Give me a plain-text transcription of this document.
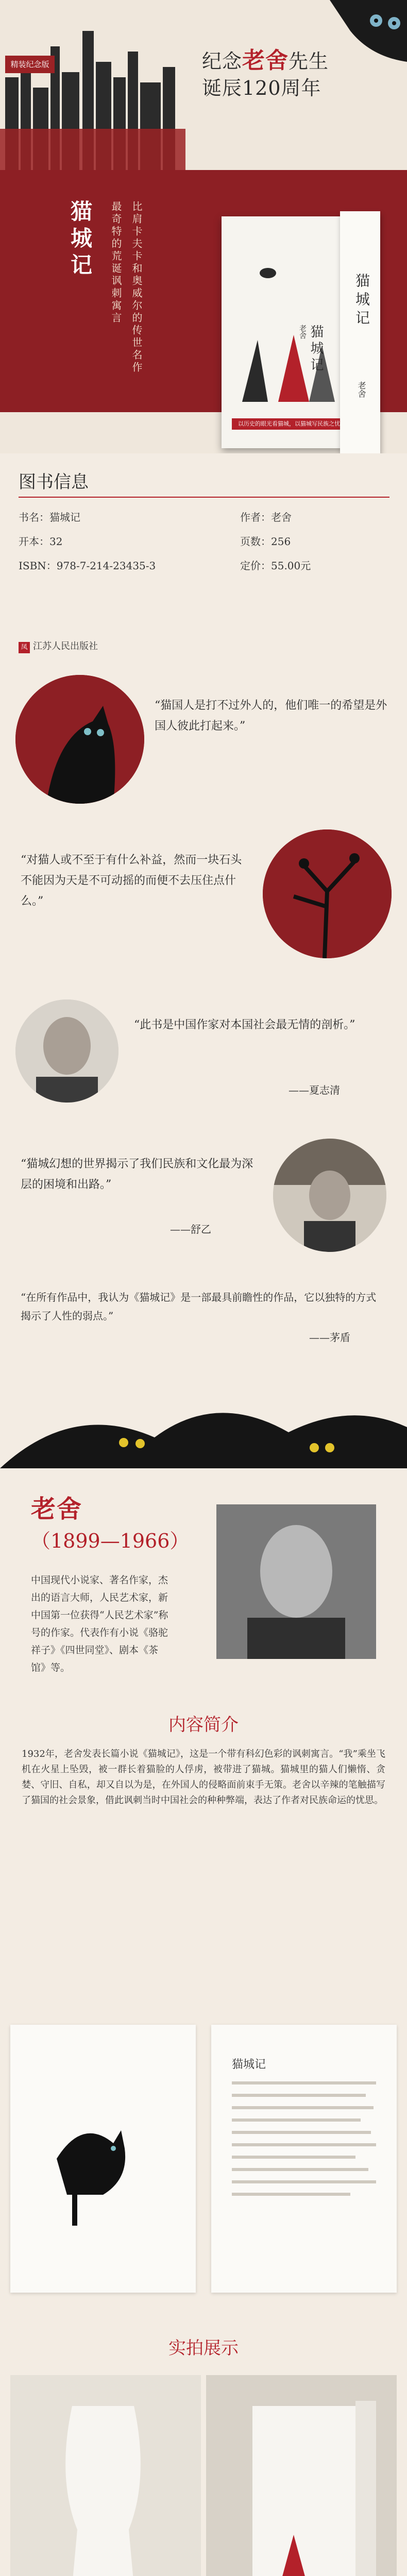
精装纪念版	纪念老舍先生
诞辰120周年
猫城记 最奇特的荒诞讽刺寓言 比肩卡夫卡和奥威尔的传世名作	猫城记
老舍
以历史的眼光看猫城，以猫城写民族之忧
猫城记
老舍
图书信息
书名：猫城记	作者：老舍
开本：32	页数：256
ISBN：978-7-214-23435-3	定价：55.00元
凤 江苏人民出版社
“猫国人是打不过外人的，他们唯一的希望是外国人彼此打起来。”
“对猫人或不至于有什么补益，然而一块石头不能因为天是不可动摇的而便不去压住点什么。”
“此书是中国作家对本国社会最无情的剖析。”
——夏志清
“猫城幻想的世界揭示了我们民族和文化最为深层的困境和出路。”
——舒乙
“在所有作品中，我认为《猫城记》是一部最具前瞻性的作品，它以独特的方式揭示了人性的弱点。”
——茅盾
老舍
（1899—1966）
中国现代小说家、著名作家，杰出的语言大师，人民艺术家，新中国第一位获得“人民艺术家”称号的作家。代表作有小说《骆驼祥子》《四世同堂》、剧本《茶馆》等。
内容简介
1932年，老舍发表长篇小说《猫城记》，这是一个带有科幻色彩的讽刺寓言。“我”乘坐飞机在火星上坠毁，被一群长着猫脸的人俘虏，被带进了猫城。猫城里的猫人们懒惰、贪婪、守旧、自私，却又自以为是，在外国人的侵略面前束手无策。老舍以辛辣的笔触描写了猫国的社会景象，借此讽刺当时中国社会的种种弊端，表达了作者对民族命运的忧思。
猫城记
实拍展示
